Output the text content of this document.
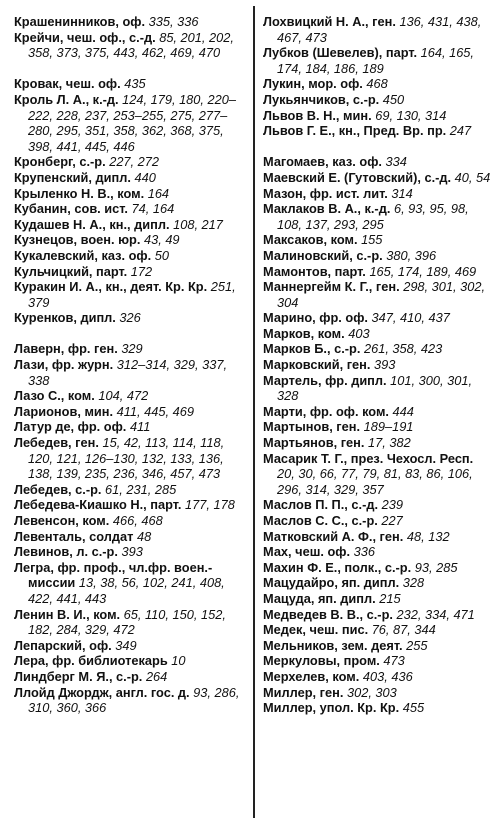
Крашенинников, оф. 335, 336

Крейчи, чеш. оф., с.-д. 85, 201, 202, 358, 373, 375, 443, 462, 469, 470

Кровак, чеш. оф. 435

Кроль Л. А., к.-д. 124, 179, 180, 220–222, 228, 237, 253–255, 275, 277–280, 295, 351, 358, 362, 368, 375, 398, 441, 445, 446

Кронберг, с.-р. 227, 272

Крупенский, дипл. 440

Крыленко Н. В., ком. 164

Кубанин, сов. ист. 74, 164

Кудашев Н. А., кн., дипл. 108, 217

Кузнецов, воен. юр. 43, 49

Кукалевский, каз. оф. 50

Кульчицкий, парт. 172

Куракин И. А., кн., деят. Кр. Кр. 251, 379

Куренков, дипл. 326

Лаверн, фр. ген. 329

Лази, фр. журн. 312–314, 329, 337, 338

Лазо С., ком. 104, 472

Ларионов, мин. 411, 445, 469

Латур де, фр. оф. 411

Лебедев, ген. 15, 42, 113, 114, 118, 120, 121, 126–130, 132, 133, 136, 138, 139, 235, 236, 346, 457, 473

Лебедев, с.-р. 61, 231, 285

Лебедева-Киашко Н., парт. 177, 178

Левенсон, ком. 466, 468

Левенталь, солдат 48

Левинов, л. с.-р. 393

Легра, фр. проф., чл.фр. воен.-миссии 13, 38, 56, 102, 241, 408, 422, 441, 443

Ленин В. И., ком. 65, 110, 150, 152, 182, 284, 329, 472

Лепарский, оф. 349

Лера, фр. библиотекарь 10

Линдберг М. Я., с.-р. 264

Ллойд Джордж, англ. гос. д. 93, 286, 310, 360, 366

Лохвицкий Н. А., ген. 136, 431, 438, 467, 473

Лубков (Шевелев), парт. 164, 165, 174, 184, 186, 189

Лукин, мор. оф. 468

Лукьянчиков, с.-р. 450

Львов В. Н., мин. 69, 130, 314

Львов Г. Е., кн., Пред. Вр. пр. 247

Магомаев, каз. оф. 334

Маевский Е. (Гутовский), с.-д. 40, 54

Мазон, фр. ист. лит. 314

Маклаков В. А., к.-д. 6, 93, 95, 98, 108, 137, 293, 295

Максаков, ком. 155

Малиновский, с.-р. 380, 396

Мамонтов, парт. 165, 174, 189, 469

Маннергейм К. Г., ген. 298, 301, 302, 304

Марино, фр. оф. 347, 410, 437

Марков, ком. 403

Марков Б., с.-р. 261, 358, 423

Марковский, ген. 393

Мартель, фр. дипл. 101, 300, 301, 328

Марти, фр. оф. ком. 444

Мартынов, ген. 189–191

Мартьянов, ген. 17, 382

Масарик Т. Г., през. Чехосл. Респ. 20, 30, 66, 77, 79, 81, 83, 86, 106, 296, 314, 329, 357

Маслов П. П., с.-д. 239

Маслов С. С., с.-р. 227

Матковский А. Ф., ген. 48, 132

Мах, чеш. оф. 336

Махин Ф. Е., полк., с.-р. 93, 285

Мацудайро, яп. дипл. 328

Мацуда, яп. дипл. 215

Медведев В. В., с.-р. 232, 334, 471

Медек, чеш. пис. 76, 87, 344

Мельников, зем. деят. 255

Меркуловы, пром. 473

Мерхелев, ком. 403, 436

Миллер, ген. 302, 303

Миллер, упол. Кр. Кр. 455
